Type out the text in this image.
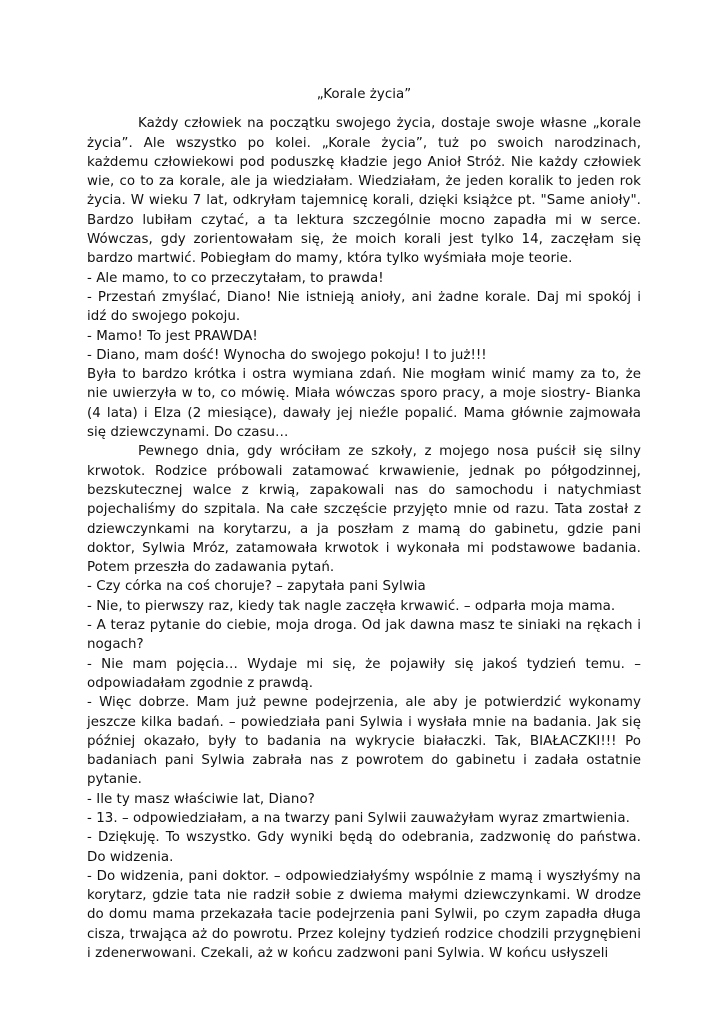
„Korale życia”

Każdy człowiek na początku swojego życia, dostaje swoje własne „korale życia”. Ale wszystko po kolei. „Korale życia”, tuż po swoich narodzinach, każdemu człowiekowi pod poduszkę kładzie jego Anioł Stróż. Nie każdy człowiek wie, co to za korale, ale ja wiedziałam. Wiedziałam, że jeden koralik to jeden rok życia. W wieku 7 lat, odkryłam tajemnicę korali, dzięki książce pt. "Same anioły". Bardzo lubiłam czytać, a ta lektura szczególnie mocno zapadła mi w serce. Wówczas, gdy zorientowałam się, że moich korali jest tylko 14, zaczęłam się bardzo martwić. Pobiegłam do mamy, która tylko wyśmiała moje teorie.

- Ale mamo, to co przeczytałam, to prawda!

- Przestań zmyślać, Diano! Nie istnieją anioły, ani żadne korale. Daj mi spokój i idź do swojego pokoju.

- Mamo! To jest PRAWDA!

- Diano, mam dość! Wynocha do swojego pokoju! I to już!!!

Była to bardzo krótka i ostra wymiana zdań. Nie mogłam winić mamy za to, że nie uwierzyła w to, co mówię. Miała wówczas sporo pracy, a moje siostry- Bianka (4 lata) i Elza (2 miesiące), dawały jej nieźle popalić. Mama głównie zajmowała się dziewczynami. Do czasu…

Pewnego dnia, gdy wróciłam ze szkoły, z mojego nosa puścił się silny krwotok. Rodzice próbowali zatamować krwawienie, jednak po półgodzinnej, bezskutecznej walce z krwią, zapakowali nas do samochodu i natychmiast pojechaliśmy do szpitala. Na całe szczęście przyjęto mnie od razu. Tata został z dziewczynkami na korytarzu, a ja poszłam z mamą do gabinetu, gdzie pani doktor, Sylwia Mróz, zatamowała krwotok i wykonała mi podstawowe badania. Potem przeszła do zadawania pytań.

- Czy córka na coś choruje? – zapytała pani Sylwia

- Nie, to pierwszy raz, kiedy tak nagle zaczęła krwawić. – odparła moja mama.

- A teraz pytanie do ciebie, moja droga. Od jak dawna masz te siniaki na rękach i nogach?

- Nie mam pojęcia… Wydaje mi się, że pojawiły się jakoś tydzień temu. – odpowiadałam zgodnie z prawdą.

- Więc dobrze. Mam już pewne podejrzenia, ale aby je potwierdzić wykonamy jeszcze kilka badań. – powiedziała pani Sylwia i wysłała mnie na badania. Jak się później okazało, były to badania na wykrycie białaczki. Tak, BIAŁACZKI!!! Po badaniach pani Sylwia zabrała nas z powrotem do gabinetu i zadała ostatnie pytanie.

- Ile ty masz właściwie lat, Diano?

- 13. – odpowiedziałam, a na twarzy pani Sylwii zauważyłam wyraz zmartwienia.

- Dziękuję. To wszystko. Gdy wyniki będą do odebrania, zadzwonię do państwa. Do widzenia.

- Do widzenia, pani doktor. – odpowiedziałyśmy wspólnie z mamą i wyszłyśmy na korytarz, gdzie tata nie radził sobie z dwiema małymi dziewczynkami. W drodze do domu mama przekazała tacie podejrzenia pani Sylwii, po czym zapadła długa cisza, trwająca aż do powrotu. Przez kolejny tydzień rodzice chodzili przygnębieni i zdenerwowani. Czekali, aż w końcu zadzwoni pani Sylwia. W końcu usłyszeli
